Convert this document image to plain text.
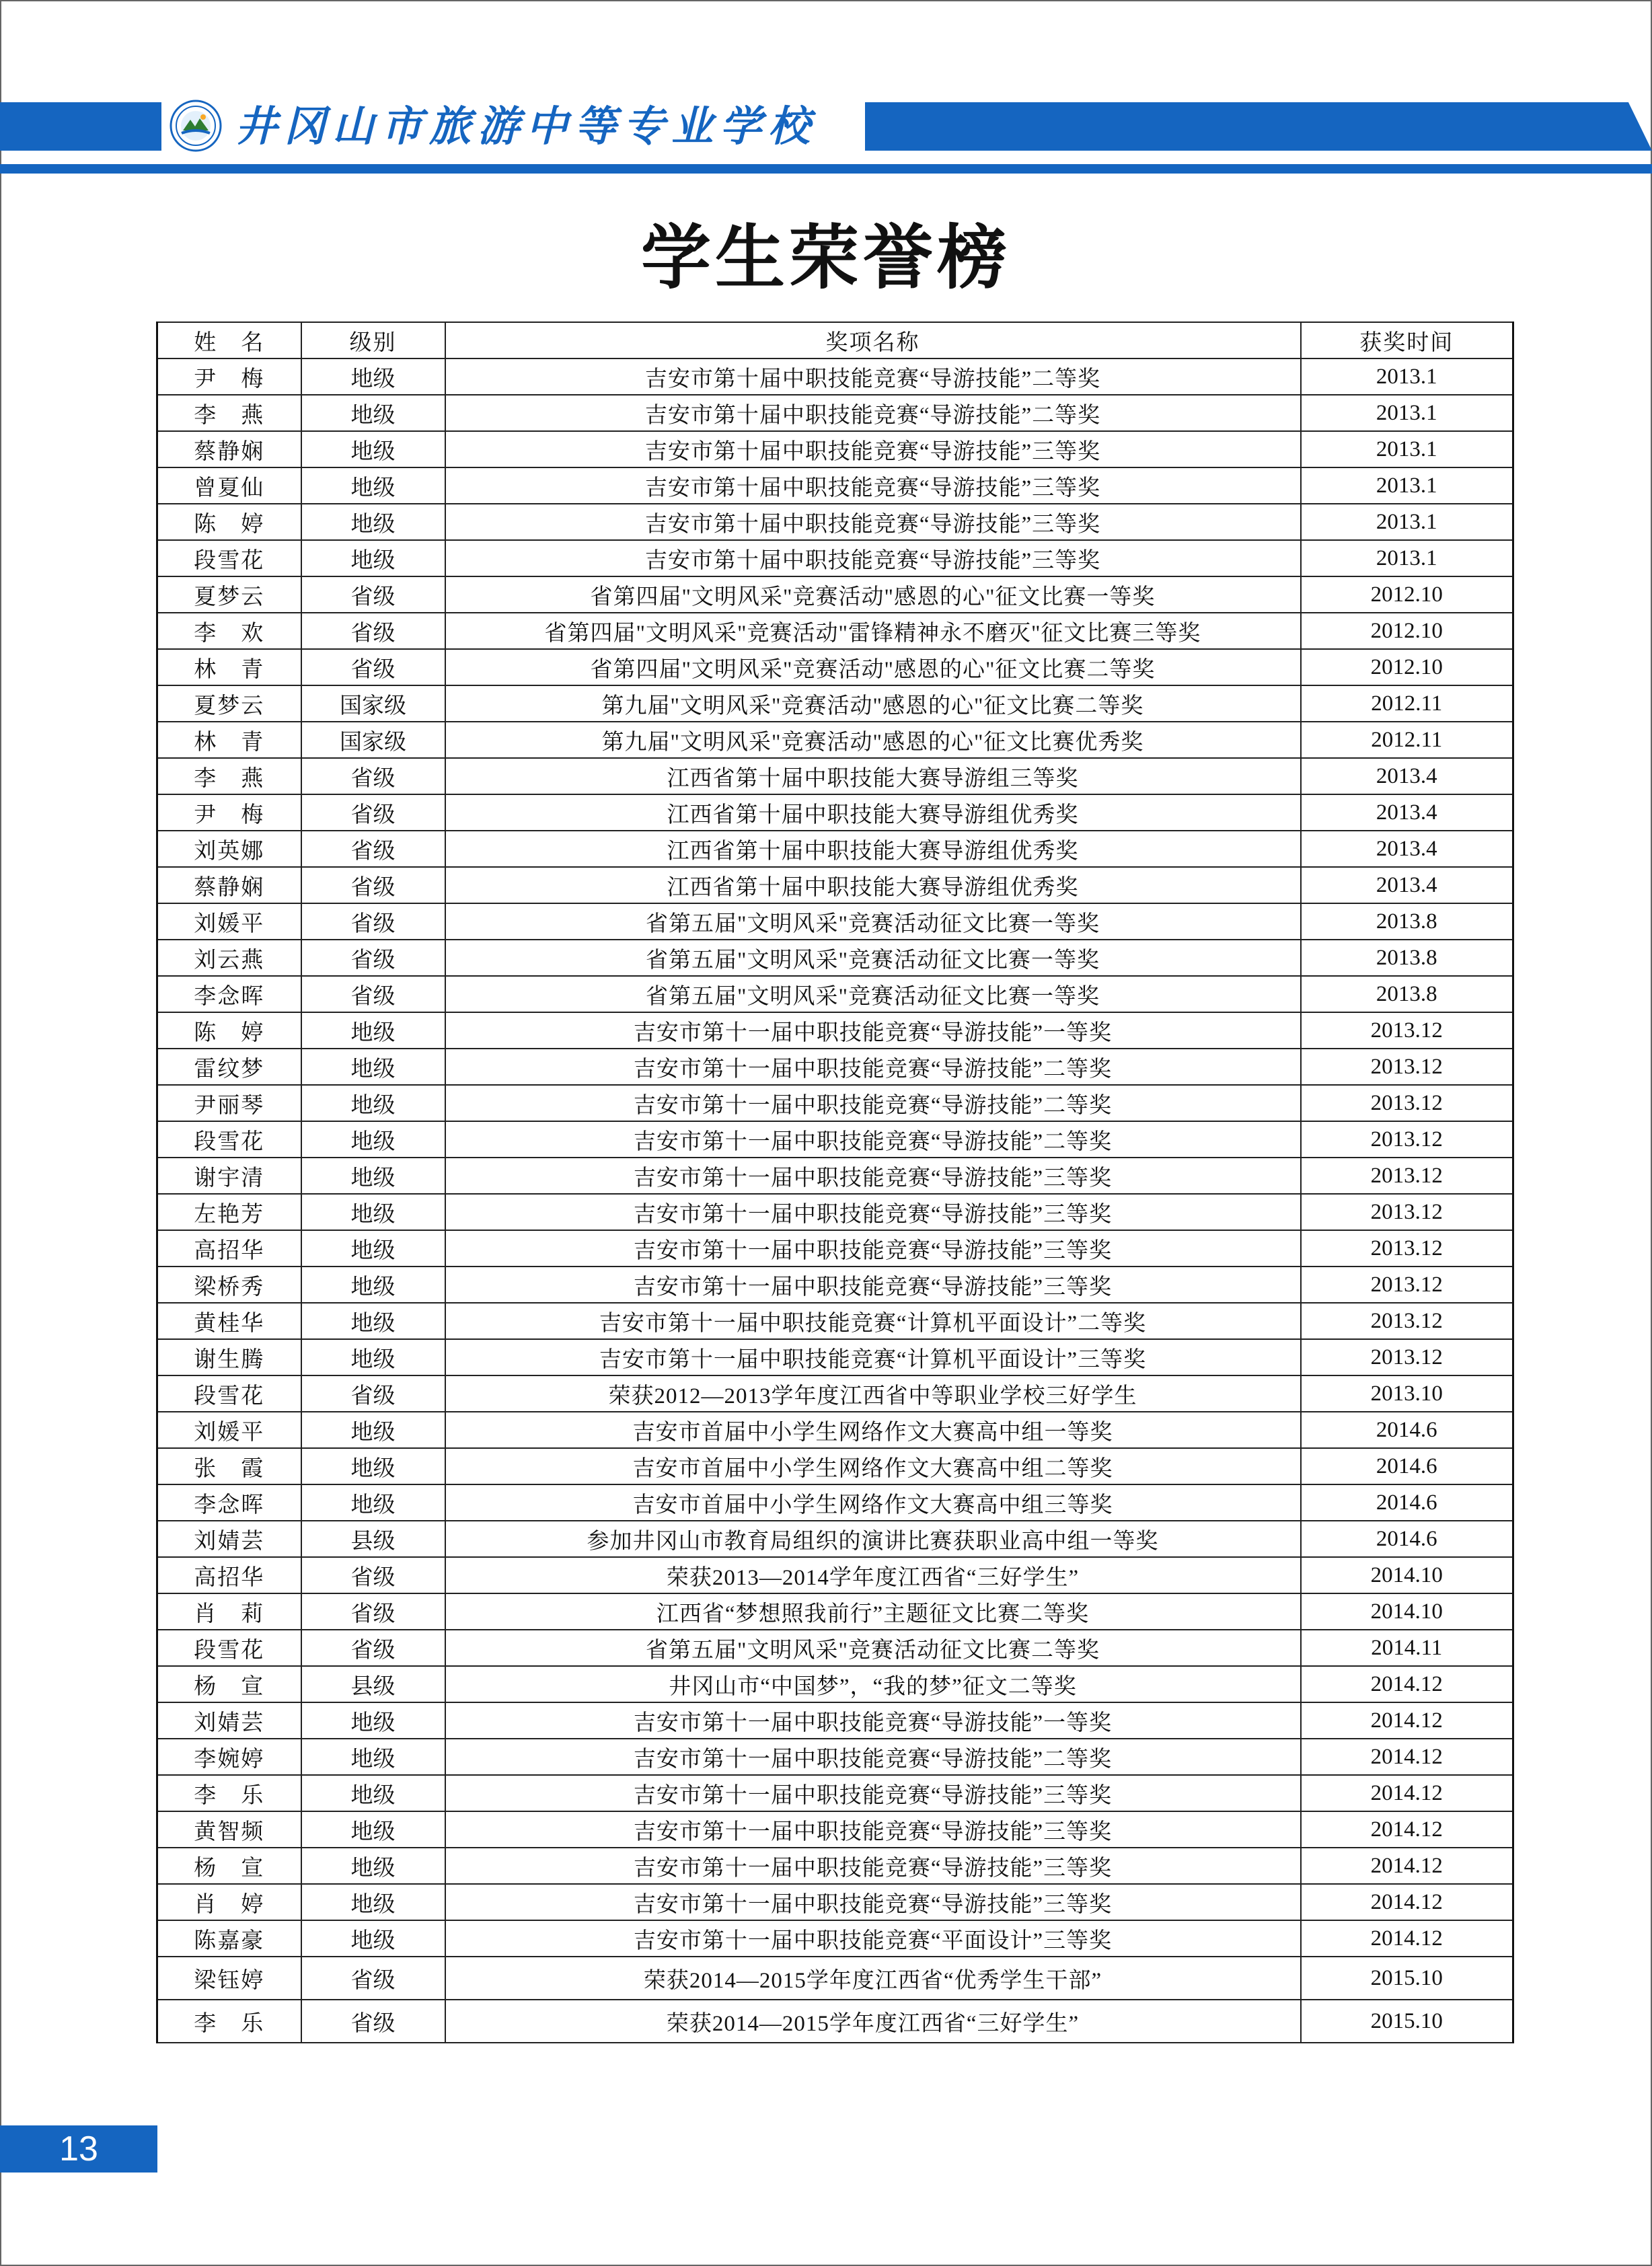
井冈山市旅游中等专业学校
学生荣誉榜
姓　名	级别	奖项名称	获奖时间
尹　梅	地级	吉安市第十届中职技能竞赛“导游技能”二等奖	2013.1
李　燕	地级	吉安市第十届中职技能竞赛“导游技能”二等奖	2013.1
蔡静娴	地级	吉安市第十届中职技能竞赛“导游技能”三等奖	2013.1
曾夏仙	地级	吉安市第十届中职技能竞赛“导游技能”三等奖	2013.1
陈　婷	地级	吉安市第十届中职技能竞赛“导游技能”三等奖	2013.1
段雪花	地级	吉安市第十届中职技能竞赛“导游技能”三等奖	2013.1
夏梦云	省级	省第四届"文明风采"竞赛活动"感恩的心"征文比赛一等奖	2012.10
李　欢	省级	省第四届"文明风采"竞赛活动"雷锋精神永不磨灭"征文比赛三等奖	2012.10
林　青	省级	省第四届"文明风采"竞赛活动"感恩的心"征文比赛二等奖	2012.10
夏梦云	国家级	第九届"文明风采"竞赛活动"感恩的心"征文比赛二等奖	2012.11
林　青	国家级	第九届"文明风采"竞赛活动"感恩的心"征文比赛优秀奖	2012.11
李　燕	省级	江西省第十届中职技能大赛导游组三等奖	2013.4
尹　梅	省级	江西省第十届中职技能大赛导游组优秀奖	2013.4
刘英娜	省级	江西省第十届中职技能大赛导游组优秀奖	2013.4
蔡静娴	省级	江西省第十届中职技能大赛导游组优秀奖	2013.4
刘媛平	省级	省第五届"文明风采"竞赛活动征文比赛一等奖	2013.8
刘云燕	省级	省第五届"文明风采"竞赛活动征文比赛一等奖	2013.8
李念晖	省级	省第五届"文明风采"竞赛活动征文比赛一等奖	2013.8
陈　婷	地级	吉安市第十一届中职技能竞赛“导游技能”一等奖	2013.12
雷纹梦	地级	吉安市第十一届中职技能竞赛“导游技能”二等奖	2013.12
尹丽琴	地级	吉安市第十一届中职技能竞赛“导游技能”二等奖	2013.12
段雪花	地级	吉安市第十一届中职技能竞赛“导游技能”二等奖	2013.12
谢宇清	地级	吉安市第十一届中职技能竞赛“导游技能”三等奖	2013.12
左艳芳	地级	吉安市第十一届中职技能竞赛“导游技能”三等奖	2013.12
高招华	地级	吉安市第十一届中职技能竞赛“导游技能”三等奖	2013.12
梁桥秀	地级	吉安市第十一届中职技能竞赛“导游技能”三等奖	2013.12
黄桂华	地级	吉安市第十一届中职技能竞赛“计算机平面设计”二等奖	2013.12
谢生腾	地级	吉安市第十一届中职技能竞赛“计算机平面设计”三等奖	2013.12
段雪花	省级	荣获2012—2013学年度江西省中等职业学校三好学生	2013.10
刘媛平	地级	吉安市首届中小学生网络作文大赛高中组一等奖	2014.6
张　霞	地级	吉安市首届中小学生网络作文大赛高中组二等奖	2014.6
李念晖	地级	吉安市首届中小学生网络作文大赛高中组三等奖	2014.6
刘婧芸	县级	参加井冈山市教育局组织的演讲比赛获职业高中组一等奖	2014.6
高招华	省级	荣获2013—2014学年度江西省“三好学生”	2014.10
肖　莉	省级	江西省“梦想照我前行”主题征文比赛二等奖	2014.10
段雪花	省级	省第五届"文明风采"竞赛活动征文比赛二等奖	2014.11
杨　宣	县级	井冈山市“中国梦”，“我的梦”征文二等奖	2014.12
刘婧芸	地级	吉安市第十一届中职技能竞赛“导游技能”一等奖	2014.12
李婉婷	地级	吉安市第十一届中职技能竞赛“导游技能”二等奖	2014.12
李　乐	地级	吉安市第十一届中职技能竞赛“导游技能”三等奖	2014.12
黄智频	地级	吉安市第十一届中职技能竞赛“导游技能”三等奖	2014.12
杨　宣	地级	吉安市第十一届中职技能竞赛“导游技能”三等奖	2014.12
肖　婷	地级	吉安市第十一届中职技能竞赛“导游技能”三等奖	2014.12
陈嘉豪	地级	吉安市第十一届中职技能竞赛“平面设计”三等奖	2014.12
梁钰婷	省级	荣获2014—2015学年度江西省“优秀学生干部”	2015.10
李　乐	省级	荣获2014—2015学年度江西省“三好学生”	2015.10
13
